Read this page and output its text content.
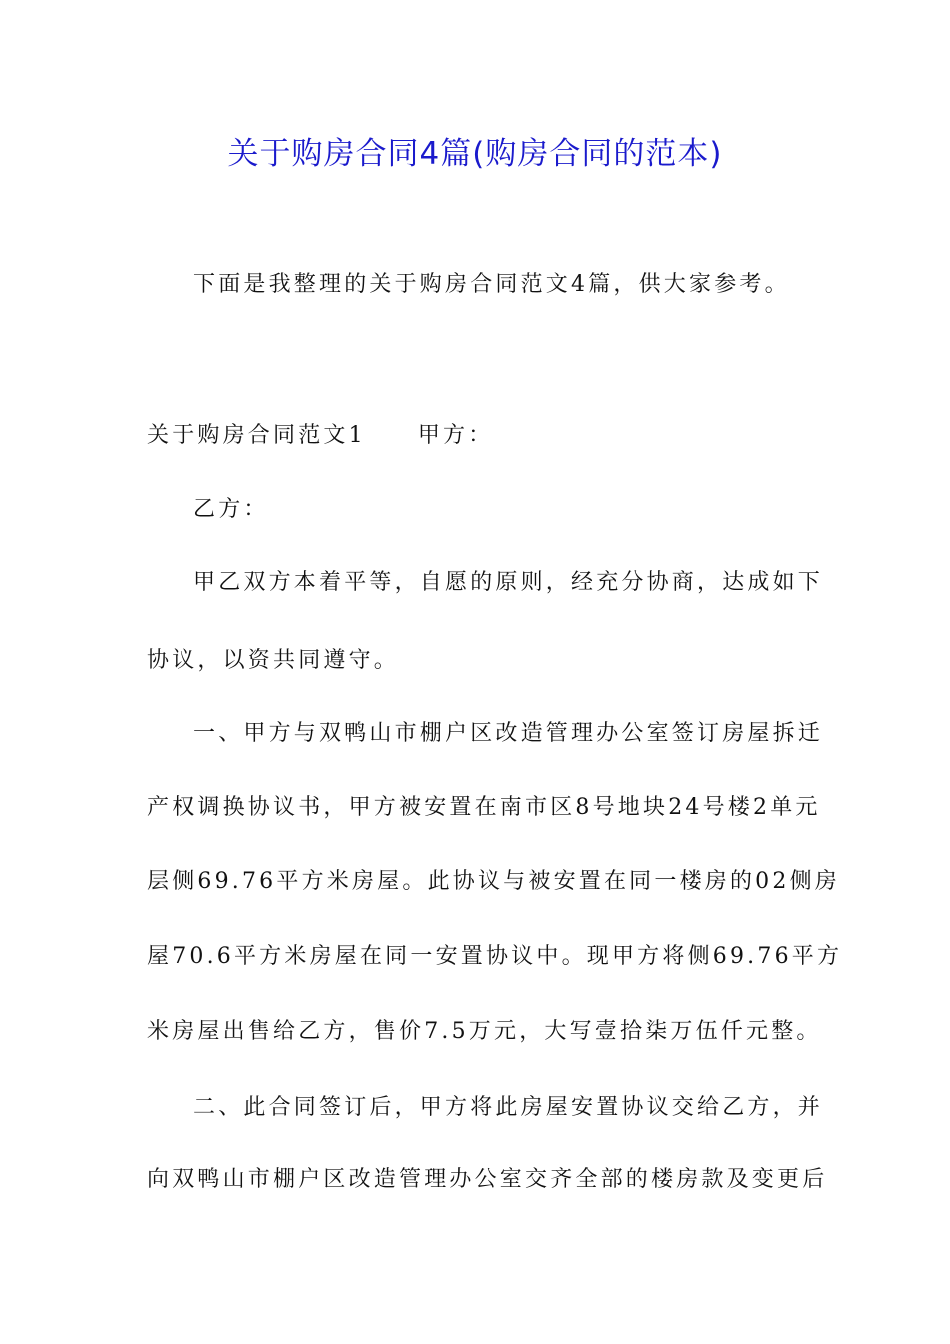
关于购房合同4篇(购房合同的范本)
下面是我整理的关于购房合同范文4篇，供大家参考。
关于购房合同范文1 甲方：
乙方：
甲乙双方本着平等，自愿的原则，经充分协商，达成如下
协议，以资共同遵守。
一、甲方与双鸭山市棚户区改造管理办公室签订房屋拆迁
产权调换协议书，甲方被安置在南市区8号地块24号楼2单元
层侧69.76平方米房屋。此协议与被安置在同一楼房的02侧房
屋70.6平方米房屋在同一安置协议中。现甲方将侧69.76平方
米房屋出售给乙方，售价7.5万元，大写壹拾柒万伍仟元整。
二、此合同签订后，甲方将此房屋安置协议交给乙方，并
向双鸭山市棚户区改造管理办公室交齐全部的楼房款及变更后
